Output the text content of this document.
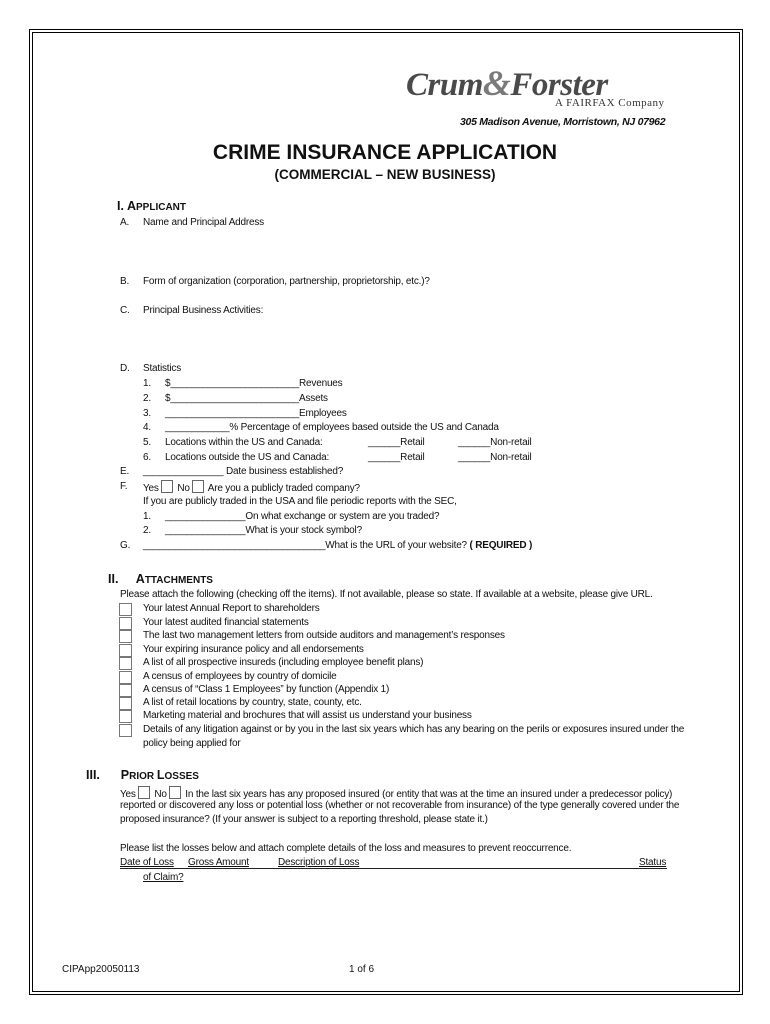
Crum&Forster
A FAIRFAX Company
305 Madison Avenue, Morristown, NJ 07962
CRIME INSURANCE APPLICATION
(COMMERCIAL – NEW BUSINESS)
I. APPLICANT
A. Name and Principal Address
B. Form of organization (corporation, partnership, proprietorship, etc.)?
C. Principal Business Activities:
D. Statistics
1. $________________________Revenues
2. $________________________Assets
3. _________________________Employees
4. ____________% Percentage of employees based outside the US and Canada
5. Locations within the US and Canada:	______Retail	______Non-retail
6. Locations outside the US and Canada:	______Retail	______Non-retail
E. _______________ Date business established?
F. Yes No Are you a publicly traded company?
If you are publicly traded in the USA and file periodic reports with the SEC,
1. _______________On what exchange or system are you traded?
2. _______________What is your stock symbol?
G. __________________________________What is the URL of your website? ( REQUIRED )
II. ATTACHMENTS
Please attach the following (checking off the items). If not available, please so state. If available at a website, please give URL.
Your latest Annual Report to shareholders
Your latest audited financial statements
The last two management letters from outside auditors and management’s responses
Your expiring insurance policy and all endorsements
A list of all prospective insureds (including employee benefit plans)
A census of employees by country of domicile
A census of “Class 1 Employees” by function (Appendix 1)
A list of retail locations by country, state, county, etc.
Marketing material and brochures that will assist us understand your business
Details of any litigation against or by you in the last six years which has any bearing on the perils or exposures insured under the
policy being applied for
III. PRIOR LOSSES
Yes No In the last six years has any proposed insured (or entity that was at the time an insured under a predecessor policy)
reported or discovered any loss or potential loss (whether or not recoverable from insurance) of the type generally covered under the
proposed insurance? (If your answer is subject to a reporting threshold, please state it.)
Please list the losses below and attach complete details of the loss and measures to prevent reoccurrence.
Date of Loss Gross Amount	Description of Loss	Status
of Claim?
CIPApp20050113	1 of 6
